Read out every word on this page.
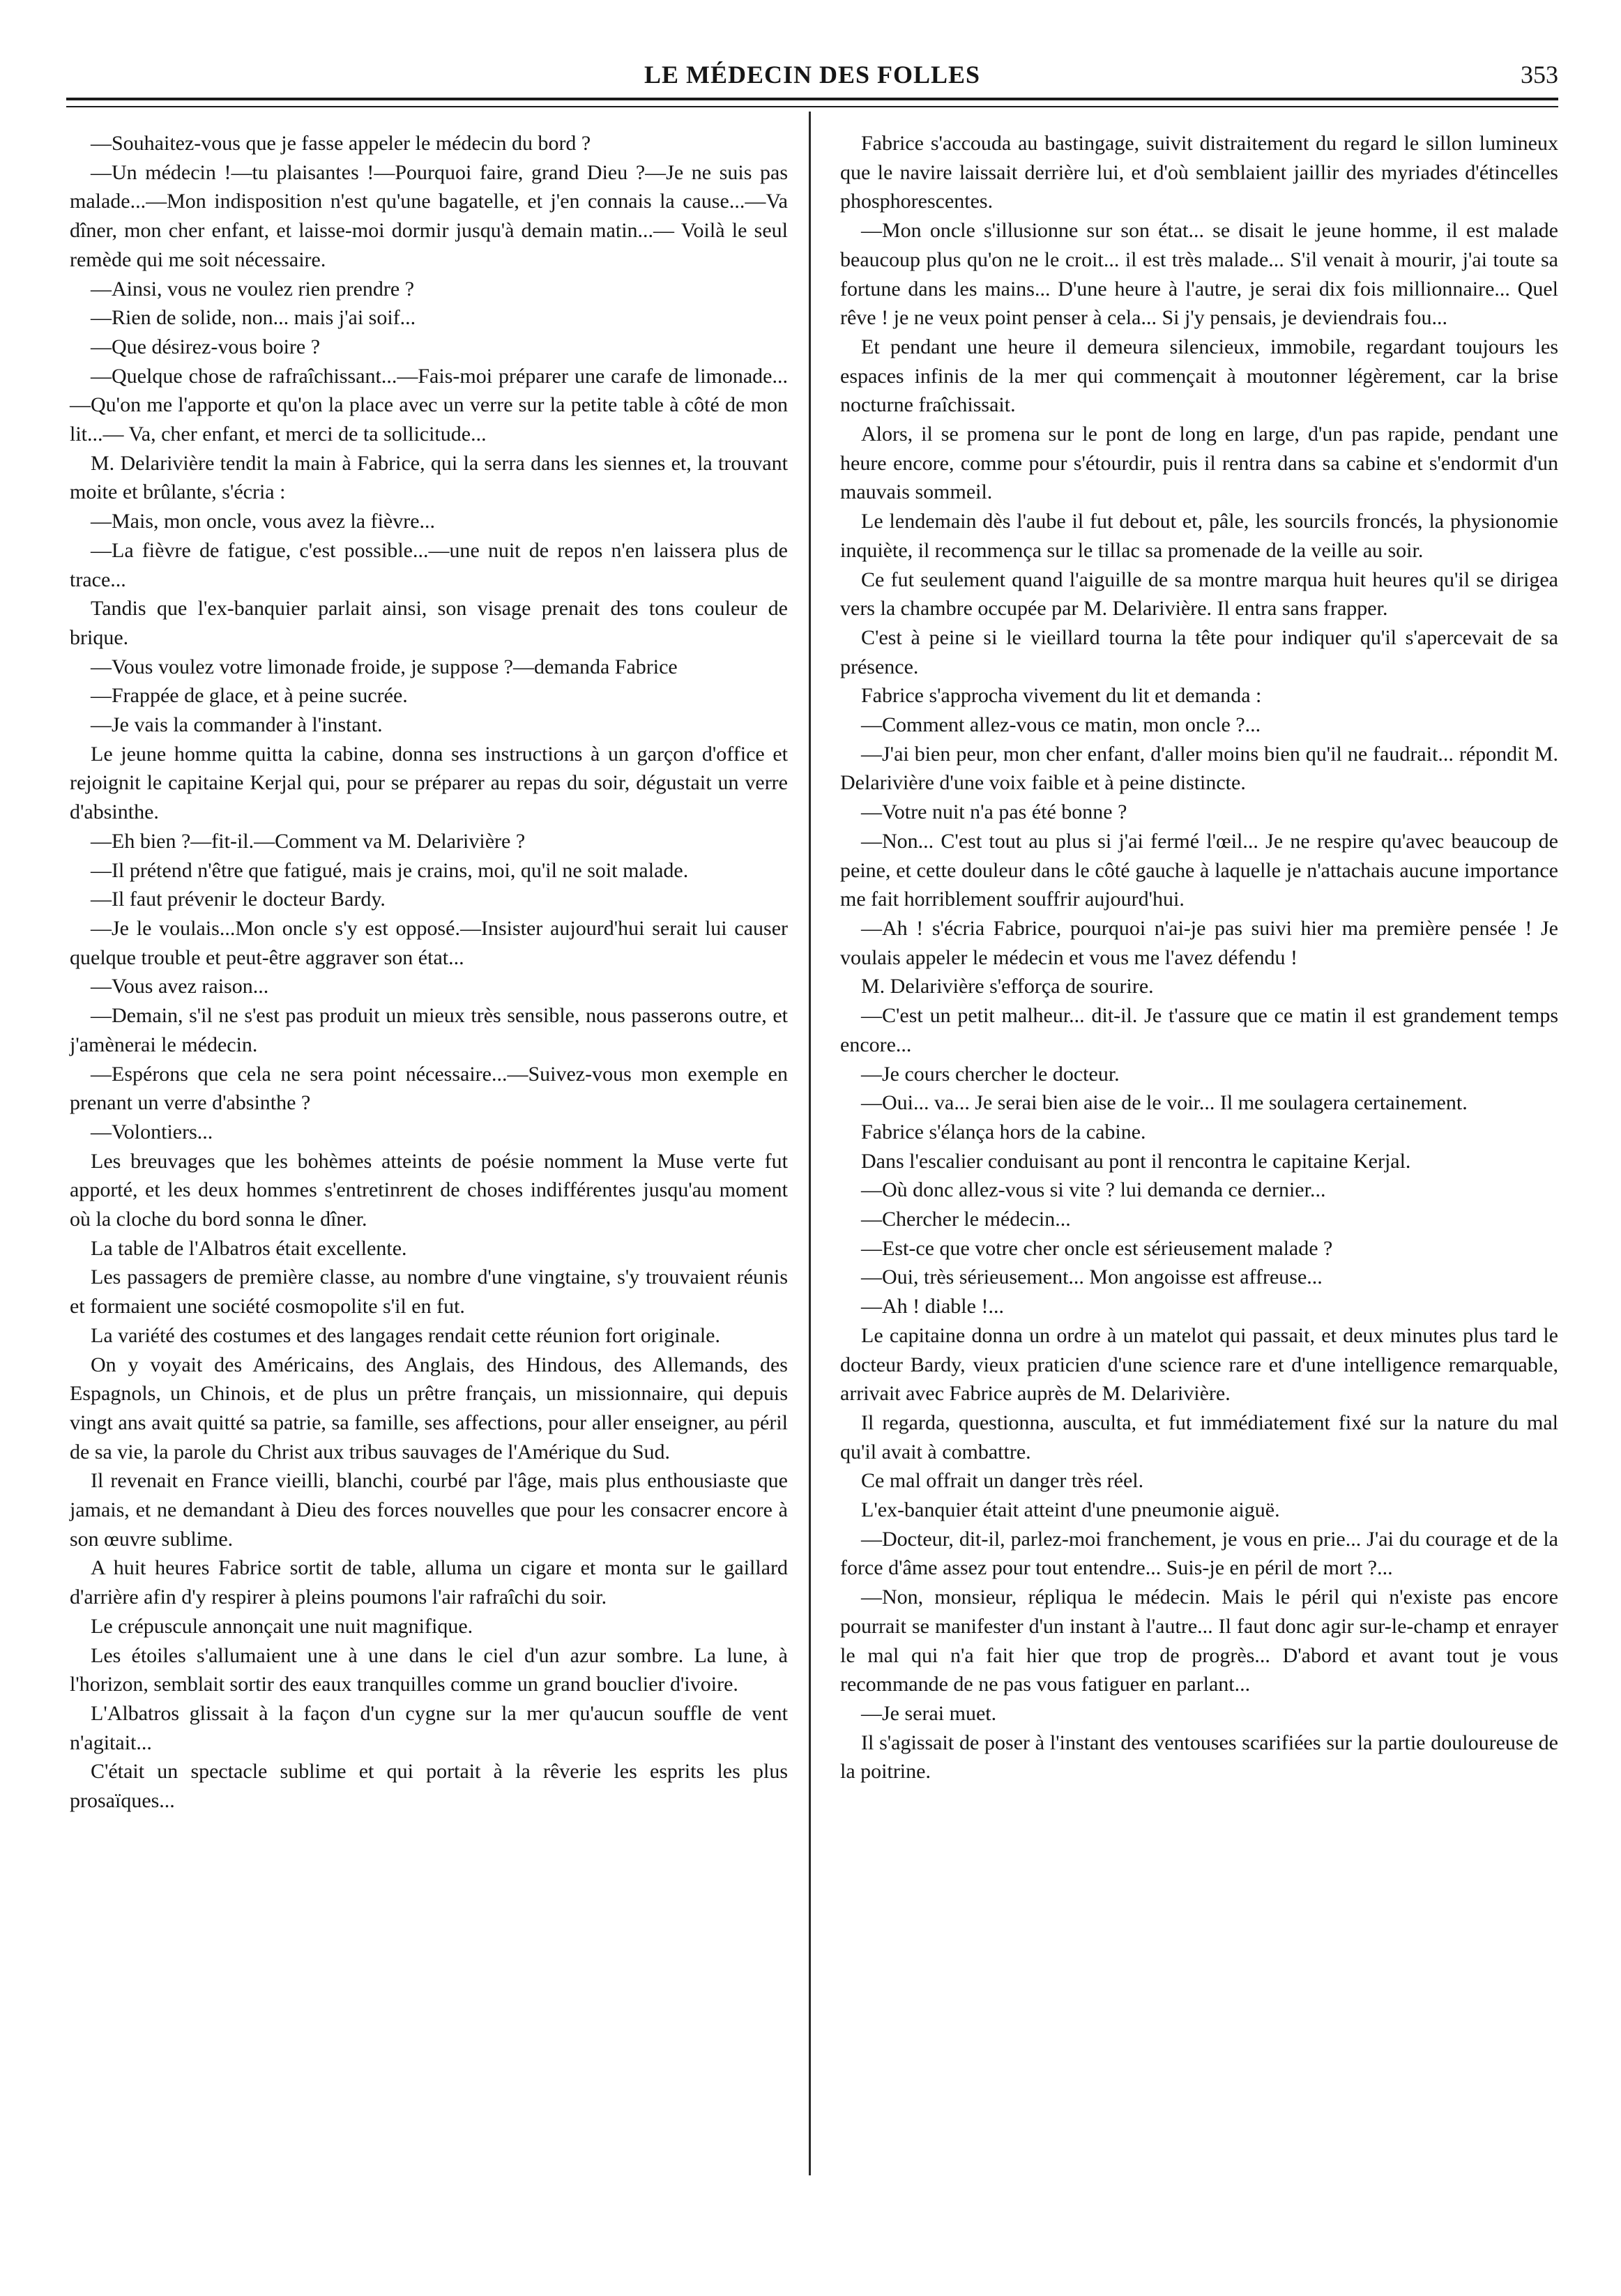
LE MÉDECIN DES FOLLES	353

—Souhaitez-vous que je fasse appeler le médecin du bord ?

—Un médecin !—tu plaisantes !—Pourquoi faire, grand Dieu ?—Je ne suis pas malade...—Mon indisposition n'est qu'une bagatelle, et j'en connais la cause...—Va dîner, mon cher enfant, et laisse-moi dormir jusqu'à demain matin...— Voilà le seul remède qui me soit nécessaire.

—Ainsi, vous ne voulez rien prendre ?

—Rien de solide, non... mais j'ai soif...

—Que désirez-vous boire ?

—Quelque chose de rafraîchissant...—Fais-moi préparer une carafe de limonade...—Qu'on me l'apporte et qu'on la place avec un verre sur la petite table à côté de mon lit...— Va, cher enfant, et merci de ta sollicitude...

M. Delarivière tendit la main à Fabrice, qui la serra dans les siennes et, la trouvant moite et brûlante, s'écria :

—Mais, mon oncle, vous avez la fièvre...

—La fièvre de fatigue, c'est possible...—une nuit de repos n'en laissera plus de trace...

Tandis que l'ex-banquier parlait ainsi, son visage prenait des tons couleur de brique.

—Vous voulez votre limonade froide, je suppose ?—demanda Fabrice

—Frappée de glace, et à peine sucrée.

—Je vais la commander à l'instant.

Le jeune homme quitta la cabine, donna ses instructions à un garçon d'office et rejoignit le capitaine Kerjal qui, pour se préparer au repas du soir, dégustait un verre d'absinthe.

—Eh bien ?—fit-il.—Comment va M. Delarivière ?

—Il prétend n'être que fatigué, mais je crains, moi, qu'il ne soit malade.

—Il faut prévenir le docteur Bardy.

—Je le voulais...Mon oncle s'y est opposé.—Insister aujourd'hui serait lui causer quelque trouble et peut-être aggraver son état...

—Vous avez raison...

—Demain, s'il ne s'est pas produit un mieux très sensible, nous passerons outre, et j'amènerai le médecin.

—Espérons que cela ne sera point nécessaire...—Suivez-vous mon exemple en prenant un verre d'absinthe ?

—Volontiers...

Les breuvages que les bohèmes atteints de poésie nomment la Muse verte fut apporté, et les deux hommes s'entretinrent de choses indifférentes jusqu'au moment où la cloche du bord sonna le dîner.

La table de l'Albatros était excellente.

Les passagers de première classe, au nombre d'une vingtaine, s'y trouvaient réunis et formaient une société cosmopolite s'il en fut.

La variété des costumes et des langages rendait cette réunion fort originale.

On y voyait des Américains, des Anglais, des Hindous, des Allemands, des Espagnols, un Chinois, et de plus un prêtre français, un missionnaire, qui depuis vingt ans avait quitté sa patrie, sa famille, ses affections, pour aller enseigner, au péril de sa vie, la parole du Christ aux tribus sauvages de l'Amérique du Sud.

Il revenait en France vieilli, blanchi, courbé par l'âge, mais plus enthousiaste que jamais, et ne demandant à Dieu des forces nouvelles que pour les consacrer encore à son œuvre sublime.

A huit heures Fabrice sortit de table, alluma un cigare et monta sur le gaillard d'arrière afin d'y respirer à pleins poumons l'air rafraîchi du soir.

Le crépuscule annonçait une nuit magnifique.

Les étoiles s'allumaient une à une dans le ciel d'un azur sombre. La lune, à l'horizon, semblait sortir des eaux tranquilles comme un grand bouclier d'ivoire.

L'Albatros glissait à la façon d'un cygne sur la mer qu'aucun souffle de vent n'agitait...

C'était un spectacle sublime et qui portait à la rêverie les esprits les plus prosaïques...

Fabrice s'accouda au bastingage, suivit distraitement du regard le sillon lumineux que le navire laissait derrière lui, et d'où semblaient jaillir des myriades d'étincelles phosphorescentes.

—Mon oncle s'illusionne sur son état... se disait le jeune homme, il est malade beaucoup plus qu'on ne le croit... il est très malade... S'il venait à mourir, j'ai toute sa fortune dans les mains... D'une heure à l'autre, je serai dix fois millionnaire... Quel rêve ! je ne veux point penser à cela... Si j'y pensais, je deviendrais fou...

Et pendant une heure il demeura silencieux, immobile, regardant toujours les espaces infinis de la mer qui commençait à moutonner légèrement, car la brise nocturne fraîchissait.

Alors, il se promena sur le pont de long en large, d'un pas rapide, pendant une heure encore, comme pour s'étourdir, puis il rentra dans sa cabine et s'endormit d'un mauvais sommeil.

Le lendemain dès l'aube il fut debout et, pâle, les sourcils froncés, la physionomie inquiète, il recommença sur le tillac sa promenade de la veille au soir.

Ce fut seulement quand l'aiguille de sa montre marqua huit heures qu'il se dirigea vers la chambre occupée par M. Delarivière. Il entra sans frapper.

C'est à peine si le vieillard tourna la tête pour indiquer qu'il s'apercevait de sa présence.

Fabrice s'approcha vivement du lit et demanda :

—Comment allez-vous ce matin, mon oncle ?...

—J'ai bien peur, mon cher enfant, d'aller moins bien qu'il ne faudrait... répondit M. Delarivière d'une voix faible et à peine distincte.

—Votre nuit n'a pas été bonne ?

—Non... C'est tout au plus si j'ai fermé l'œil... Je ne respire qu'avec beaucoup de peine, et cette douleur dans le côté gauche à laquelle je n'attachais aucune importance me fait horriblement souffrir aujourd'hui.

—Ah ! s'écria Fabrice, pourquoi n'ai-je pas suivi hier ma première pensée ! Je voulais appeler le médecin et vous me l'avez défendu !

M. Delarivière s'efforça de sourire.

—C'est un petit malheur... dit-il. Je t'assure que ce matin il est grandement temps encore...

—Je cours chercher le docteur.

—Oui... va... Je serai bien aise de le voir... Il me soulagera certainement.

Fabrice s'élança hors de la cabine.

Dans l'escalier conduisant au pont il rencontra le capitaine Kerjal.

—Où donc allez-vous si vite ? lui demanda ce dernier...

—Chercher le médecin...

—Est-ce que votre cher oncle est sérieusement malade ?

—Oui, très sérieusement... Mon angoisse est affreuse...

—Ah ! diable !...

Le capitaine donna un ordre à un matelot qui passait, et deux minutes plus tard le docteur Bardy, vieux praticien d'une science rare et d'une intelligence remarquable, arrivait avec Fabrice auprès de M. Delarivière.

Il regarda, questionna, ausculta, et fut immédiatement fixé sur la nature du mal qu'il avait à combattre.

Ce mal offrait un danger très réel.

L'ex-banquier était atteint d'une pneumonie aiguë.

—Docteur, dit-il, parlez-moi franchement, je vous en prie... J'ai du courage et de la force d'âme assez pour tout entendre... Suis-je en péril de mort ?...

—Non, monsieur, répliqua le médecin. Mais le péril qui n'existe pas encore pourrait se manifester d'un instant à l'autre... Il faut donc agir sur-le-champ et enrayer le mal qui n'a fait hier que trop de progrès... D'abord et avant tout je vous recommande de ne pas vous fatiguer en parlant...

—Je serai muet.

Il s'agissait de poser à l'instant des ventouses scarifiées sur la partie douloureuse de la poitrine.
